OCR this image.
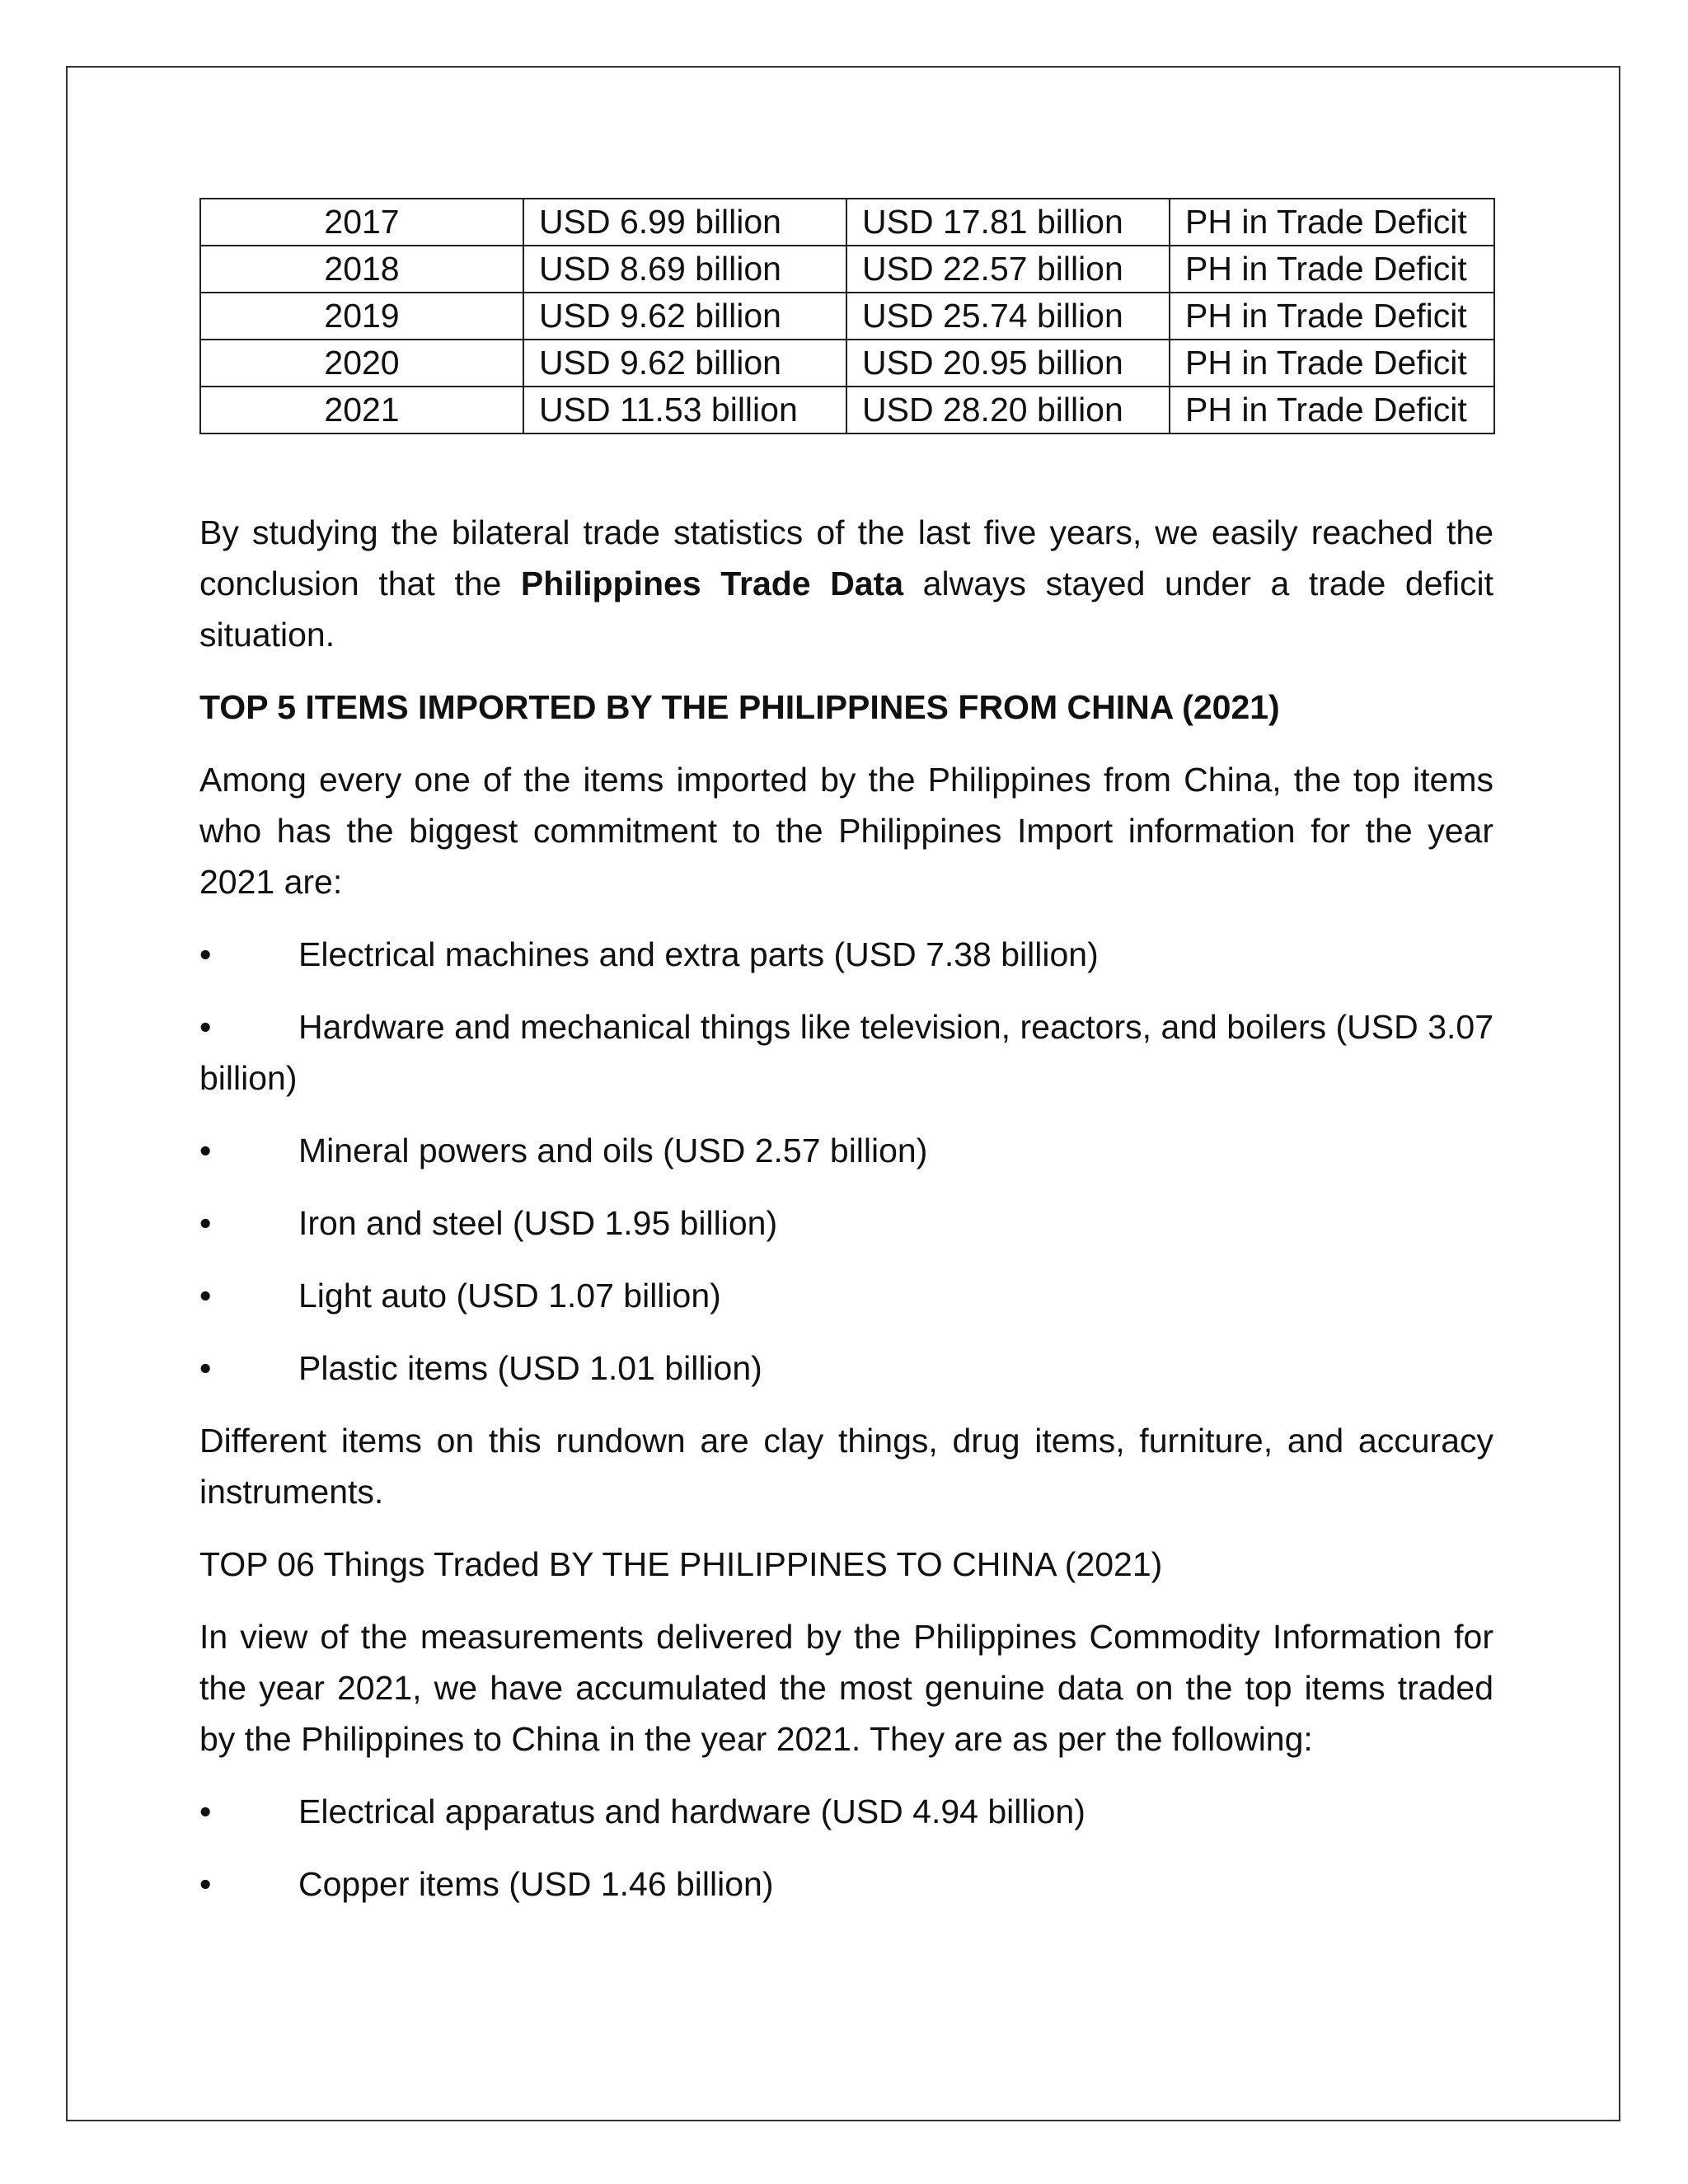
2017	USD 6.99 billion	USD 17.81 billion	PH in Trade Deficit
2018	USD 8.69 billion	USD 22.57 billion	PH in Trade Deficit
2019	USD 9.62 billion	USD 25.74 billion	PH in Trade Deficit
2020	USD 9.62 billion	USD 20.95 billion	PH in Trade Deficit
2021	USD 11.53 billion	USD 28.20 billion	PH in Trade Deficit

By studying the bilateral trade statistics of the last five years, we easily reached the conclusion that the Philippines Trade Data always stayed under a trade deficit situation.

TOP 5 ITEMS IMPORTED BY THE PHILIPPINES FROM CHINA (2021)

Among every one of the items imported by the Philippines from China, the top items who has the biggest commitment to the Philippines Import information for the year 2021 are:

•	Electrical machines and extra parts (USD 7.38 billion)
•	Hardware and mechanical things like television, reactors, and boilers (USD 3.07 billion)
•	Mineral powers and oils (USD 2.57 billion)
•	Iron and steel (USD 1.95 billion)
•	Light auto (USD 1.07 billion)
•	Plastic items (USD 1.01 billion)

Different items on this rundown are clay things, drug items, furniture, and accuracy instruments.

TOP 06 Things Traded BY THE PHILIPPINES TO CHINA (2021)

In view of the measurements delivered by the Philippines Commodity Information for the year 2021, we have accumulated the most genuine data on the top items traded by the Philippines to China in the year 2021. They are as per the following:

•	Electrical apparatus and hardware (USD 4.94 billion)
•	Copper items (USD 1.46 billion)
